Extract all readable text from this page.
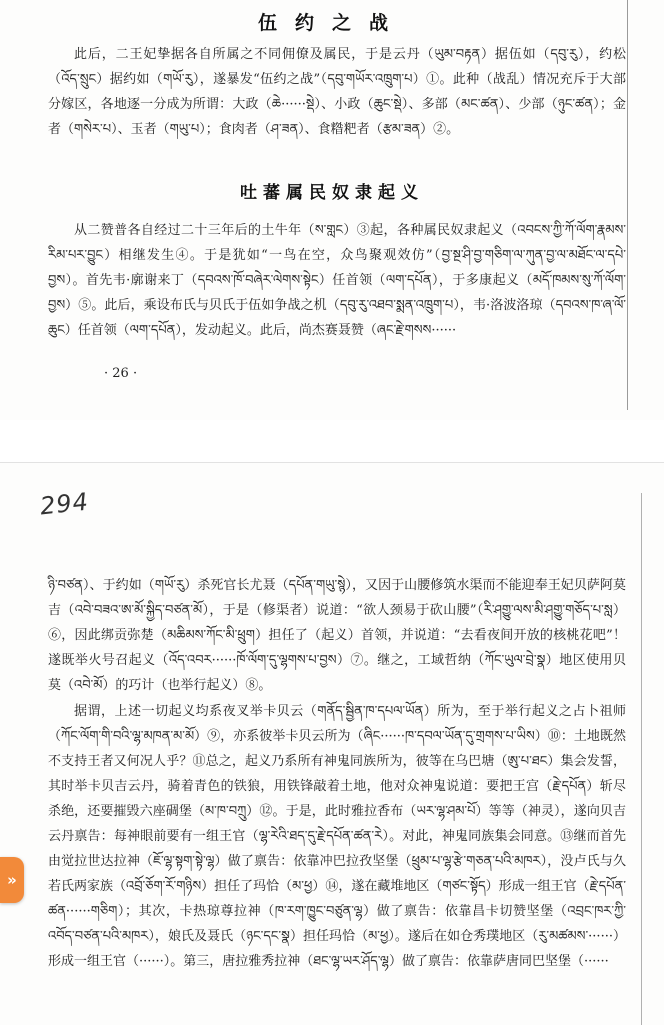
伍约之战

此后，二王妃挚据各自所属之不同佣僚及属民，于是云丹（ཡུམ་བརྟན）据伍如（དབུ་རུ），约松（འོད་སྲུང）据约如（གཡོ་རུ），遂暴发“伍约之战”（དབུ་གཡོར་འཁྲུག་པ）①。此种（战乱）情况充斥于大部分嫁区，各地逐一分成为所谓：大政（ཆེ······སྡེ）、小政（ཆུང་སྡེ）、多部（མང་ཚན）、少部（ཉུང་ཚན）；金者（གསེར་པ）、玉者（གཡུ་པ）；食肉者（ཤ་ཟན）、食糌粑者（རྩམ་ཟན）②。

吐蕃属民奴隶起义

从二赞普各自经过二十三年后的土牛年（ས་གླང）③起，各种属民奴隶起义（འབངས་ཀྱི་ཀོ་ལོག་རྣམས་རིམ་པར་བྱུང）相继发生④。于是犹如“一鸟在空，众鸟聚观效仿”（བྱ་སྔ་ཤི་བྱ་གཅིག་ལ་ཀུན་བྱ་ལ་མཐོང་ལ་དཔེ་བྱས）。首先韦·廓谢来丁（དབའས་ཁོ་བཞེར་ལེགས་སྟེང）任首领（ལག་དཔོན），于多康起义（མདོ་ཁམས་སུ་ཀོ་ལོག་བྱས）⑤。此后，乘设布氏与贝氏于伍如争战之机（དབུ་རུ་འཐབ་སྨན་འཁྲུག་པ），韦·洛波洛琼（དབའས་ཁ་ཞ་ལོ་ཆུང）任首领（ལག་དཔོན），发动起义。此后，尚杰赛聂赞（ཞང་རྗེ་གསས······

· 26 ·

ཉི་བཙན）、于约如（གཡོ་རུ）杀死官长尤聂（དཔོན་གཡུ་སྙེ），又因于山腰修筑水渠而不能迎奉王妃贝萨阿莫吉（འབེ་བཟའ་ཨ་མོ་སྐྱིད་བཙན་མོ），于是（修渠者）说道：“欲人颈易于砍山腰”（རི་ཤགྱུ་ལས་མི་ཤགྱུ་གཅོད་པ་སླ）⑥，因此绑贡弥楚（མཆིམས་ཀོང་མི་ཕྲུག）担任了（起义）首领，并说道：“去看夜间开放的核桃花吧”！遂既举火号召起义（འོད་འབར······ཁོ་ལོག་དུ་ལྷགས་པ་བྱས）⑦。继之，工域哲纳（ཀོང་ཡུལ་བྲེ་སྣ）地区使用贝莫（འབེ་མོ）的巧计（也举行起义）⑧。

据谓，上述一切起义均系夜叉举卡贝云（གནོད་སྦྱིན་ཁ་དཔལ་ཡོན）所为，至于举行起义之占卜祖师（ཀོང་ལོག་གི་བའི་ལྷ་མཁན་མ་མོ）⑨，亦系彼举卡贝云所为（ཞིང······ཁ་དབལ་ཡོན་དུ་གྲགས་པ་ཡིས）⑩：土地既然不支持王者又何况人乎？⑪总之，起义乃系所有神鬼同族所为，彼等在乌巴塘（ཨུ་པ་ཐང）集会发誓，其时举卡贝吉云丹，骑着青色的铁狼，用铁锋敲着土地，他对众神鬼说道：要把王宫（རྗེ་དཔོན）斩尽杀绝，还要摧毁六座碉堡（མ་ཁ་བཀྲུ）⑫。于是，此时雅拉香布（ཡར་ལྷ་ཤམ་པོ）等等（神灵），遂向贝吉云丹禀告：每神眼前要有一组王官（ལྷ་རེའི་ཐད་དུ་རྗེ་དཔོན་ཚན་རེ）。对此，神鬼同族集会同意。⑬继而首先由觉拉世达拉神（ཇོ་ལྷ་སྟག་སྟེ་ལྷ）做了禀告：依靠冲巴拉孜坚堡（ཕྲུམ་པ་ལྷ་རྩེ་གཅན་པའི་མཁར），没卢氏与久若氏两家族（འབྲོ་ཅོག་རོ་གཉིས）担任了玛恰（མ་ཕྱ）⑭，遂在藏堆地区（གཙང་སྟོད）形成一组王官（རྗེ་དཔོན་ཚན······གཅིག）；其次，卡热琼尊拉神（ཁ་རག་ཁྱུང་བཙུན་ལྷ）做了禀告：依靠昌卡切赞坚堡（འབྲང་ཁར་ཀྱི་འབོད་བཙན་པའི་མཁར），娘氏及聂氏（ཉང་དང་སྣ）担任玛恰（མ་ཕྱ）。遂后在如仓秀璞地区（རུ་མཚམས་······）形成一组王官（······）。第三，唐拉雅秀拉神（ཐང་ལྷ་ཡར་ཤོད་ལྷ）做了禀告：依靠萨唐同巴坚堡（······

294
»
